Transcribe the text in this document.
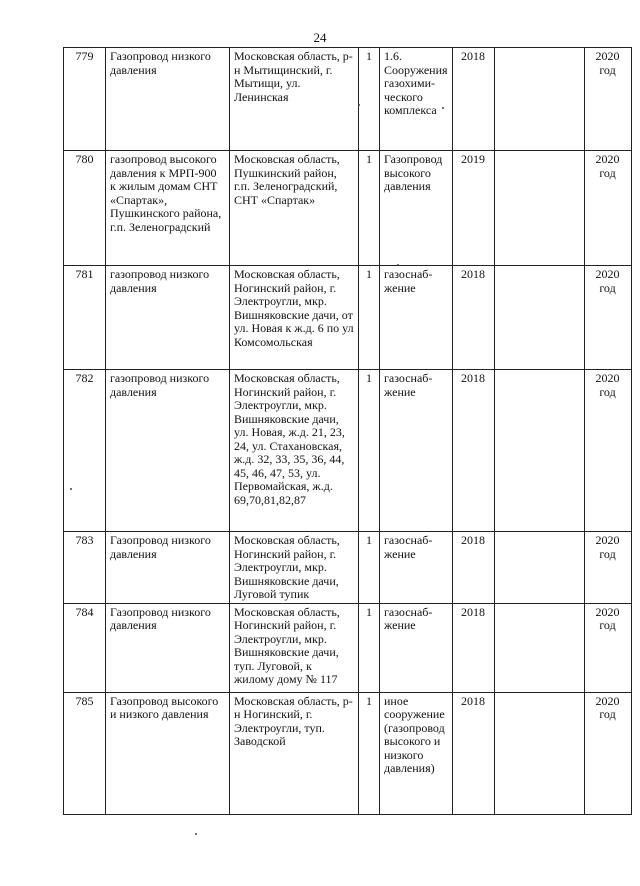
24
779	Газопровод низкого давления	Московская область, р-н Мытищинский, г. Мытищи, ул. Ленинская	1	1.6. Сооружения газохими-ческого комплекса	2018		2020 год
780	газопровод высокого давления к МРП-900 к жилым домам СНТ «Спартак», Пушкинского района, г.п. Зеленоградский	Московская область, Пушкинский район, г.п. Зеленоградский, СНТ «Спартак»	1	Газопровод высокого давления	2019		2020 год
781	газопровод низкого давления	Московская область, Ногинский район, г. Электроугли, мкр. Вишняковские дачи, от ул. Новая к ж.д. 6 по ул Комсомольская	1	газоснаб-жение	2018		2020 год
782	газопровод низкого давления	Московская область, Ногинский район, г. Электроугли, мкр. Вишняковские дачи, ул. Новая, ж.д. 21, 23, 24, ул. Стахановская, ж.д. 32, 33, 35, 36, 44, 45, 46, 47, 53, ул. Первомайская, ж.д. 69,70,81,82,87	1	газоснаб-жение	2018		2020 год
783	Газопровод низкого давления	Московская область, Ногинский район, г. Электроугли, мкр. Вишняковские дачи, Луговой тупик	1	газоснаб-жение	2018		2020 год
784	Газопровод низкого давления	Московская область, Ногинский район, г. Электроугли, мкр. Вишняковские дачи, туп. Луговой, к жилому дому № 117	1	газоснаб-жение	2018		2020 год
785	Газопровод высокого и низкого давления	Московская область, р-н Ногинский, г. Электроугли, туп. Заводской	1	иное сооружение (газопровод высокого и низкого давления)	2018		2020 год
